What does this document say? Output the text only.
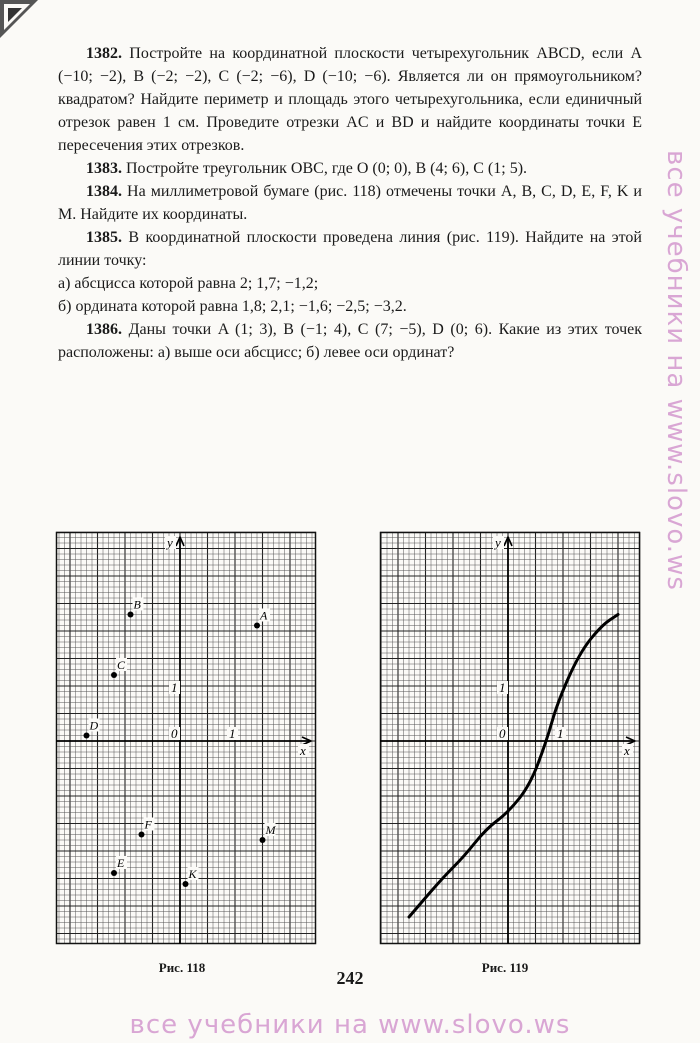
1382. Постройте на координатной плоскости четырехугольник ABCD, если A (−10; −2), B (−2; −2), C (−2; −6), D (−10; −6). Является ли он прямоугольником? квадратом? Найдите периметр и площадь этого четырехугольника, если единичный отрезок равен 1 см. Проведите отрезки AC и BD и найдите координаты точки E пересечения этих отрезков.

1383. Постройте треугольник OBC, где O (0; 0), B (4; 6), C (1; 5).

1384. На миллиметровой бумаге (рис. 118) отмечены точки A, B, C, D, E, F, K и M. Найдите их координаты.

1385. В координатной плоскости проведена линия (рис. 119). Найдите на этой линии точку:

а) абсцисса которой равна 2; 1,7; −1,2;

б) ордината которой равна 1,8; 2,1; −1,6; −2,5; −3,2.

1386. Даны точки A (1; 3), B (−1; 4), C (7; −5), D (0; 6). Какие из этих точек расположены: а) выше оси абсцисс; б) левее оси ординат?

x
y
0	1
1
A
B
C
D
E
F
K
M
Рис. 118
x
y
0	1
1
Рис. 119
242
все учебники на www.slovo.ws
все учебники на www.slovo.ws
